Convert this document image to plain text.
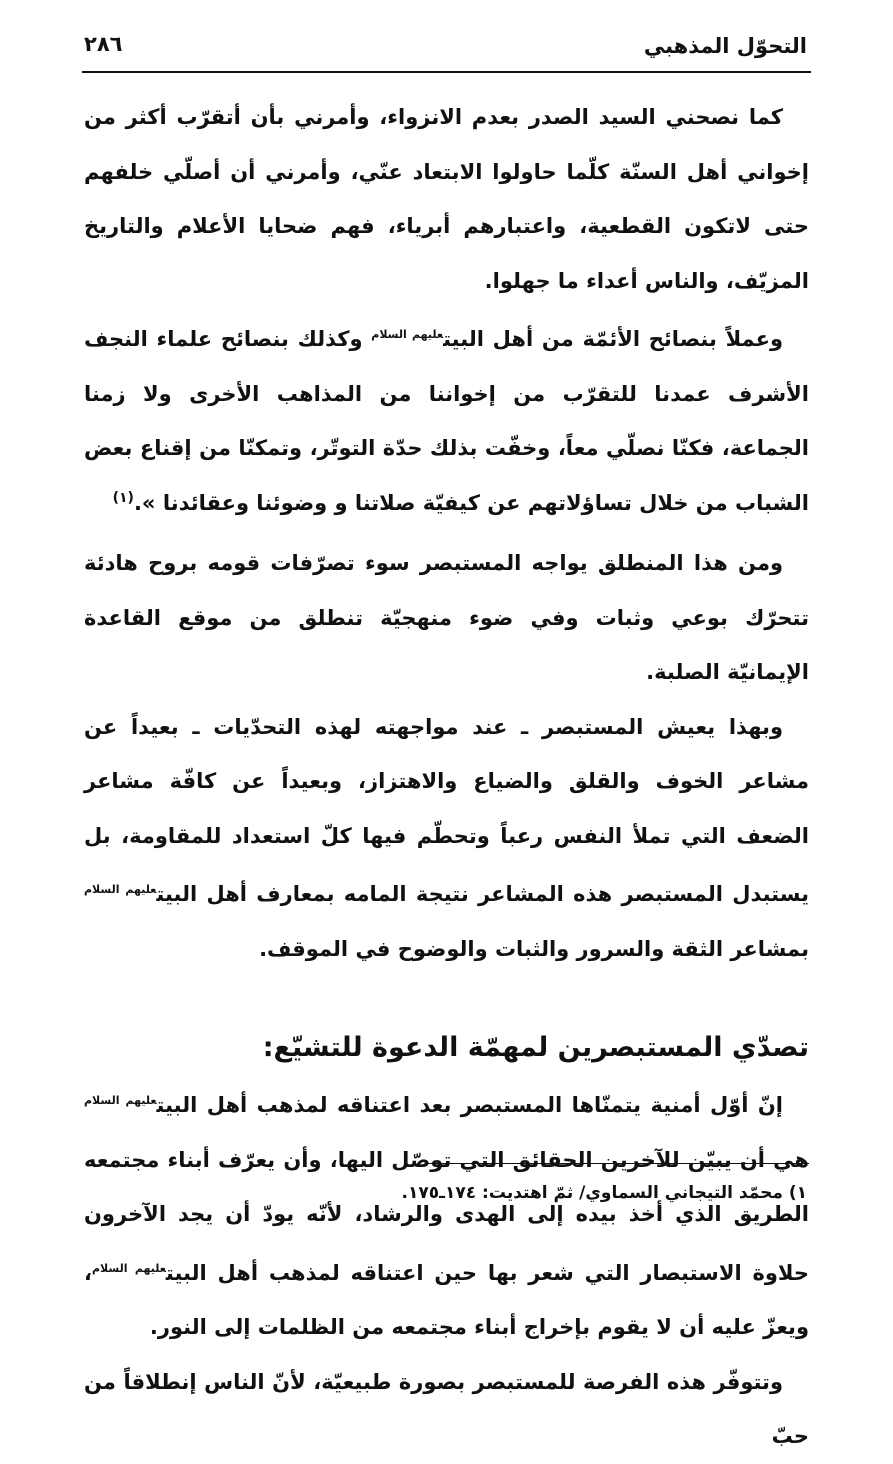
التحوّل المذهبي
٢٨٦

كما نصحني السيد الصدر بعدم الانزواء، وأمرني بأن أتقرّب أكثر من إخواني أهل السنّة كلّما حاولوا الابتعاد عنّي، وأمرني أن أصلّي خلفهم حتى لاتكون القطعية، واعتبارهم أبرياء، فهم ضحايا الأعلام والتاريخ المزيّف، والناس أعداء ما جهلوا.

وعملاً بنصائح الأئمّة من أهل البيت$^{عليهم السلام}$ وكذلك بنصائح علماء النجف الأشرف عمدنا للتقرّب من إخواننا من المذاهب الأخرى ولا زمنا الجماعة، فكنّا نصلّي معاً، وخفّت بذلك حدّة التوتّر، وتمكنّا من إقناع بعض الشباب من خلال تساؤلاتهم عن كيفيّة صلاتنا و وضوئنا وعقائدنا ».$^{(١)}$

ومن هذا المنطلق يواجه المستبصر سوء تصرّفات قومه بروح هادئة تتحرّك بوعي وثبات وفي ضوء منهجيّة تنطلق من موقع القاعدة الإيمانيّة الصلبة.

وبهذا يعيش المستبصر ـ عند مواجهته لهذه التحدّيات ـ بعيداً عن مشاعر الخوف والقلق والضياع والاهتزاز، وبعيداً عن كافّة مشاعر الضعف التي تملأ النفس رعباً وتحطّم فيها كلّ استعداد للمقاومة، بل يستبدل المستبصر هذه المشاعر نتيجة المامه بمعارف أهل البيت$^{عليهم السلام}$ بمشاعر الثقة والسرور والثبات والوضوح في الموقف.

تصدّي المستبصرين لمهمّة الدعوة للتشيّع:

إنّ أوّل أمنية يتمنّاها المستبصر بعد اعتناقه لمذهب أهل البيت$^{عليهم السلام}$ هي أن يبيّن للآخرين الحقائق التي توصّل اليها، وأن يعرّف أبناء مجتمعه الطريق الذي أخذ بيده إلى الهدى والرشاد، لأنّه يودّ أن يجد الآخرون حلاوة الاستبصار التي شعر بها حين اعتناقه لمذهب أهل البيت$^{عليهم السلام}$، ويعزّ عليه أن لا يقوم بإخراج أبناء مجتمعه من الظلمات إلى النور.

وتتوفّر هذه الفرصة للمستبصر بصورة طبيعيّة، لأنّ الناس إنطلاقاً من حبّ

١) محمّد التيجاني السماوي/ ثمّ اهتديت: ١٧٤ـ١٧٥.
